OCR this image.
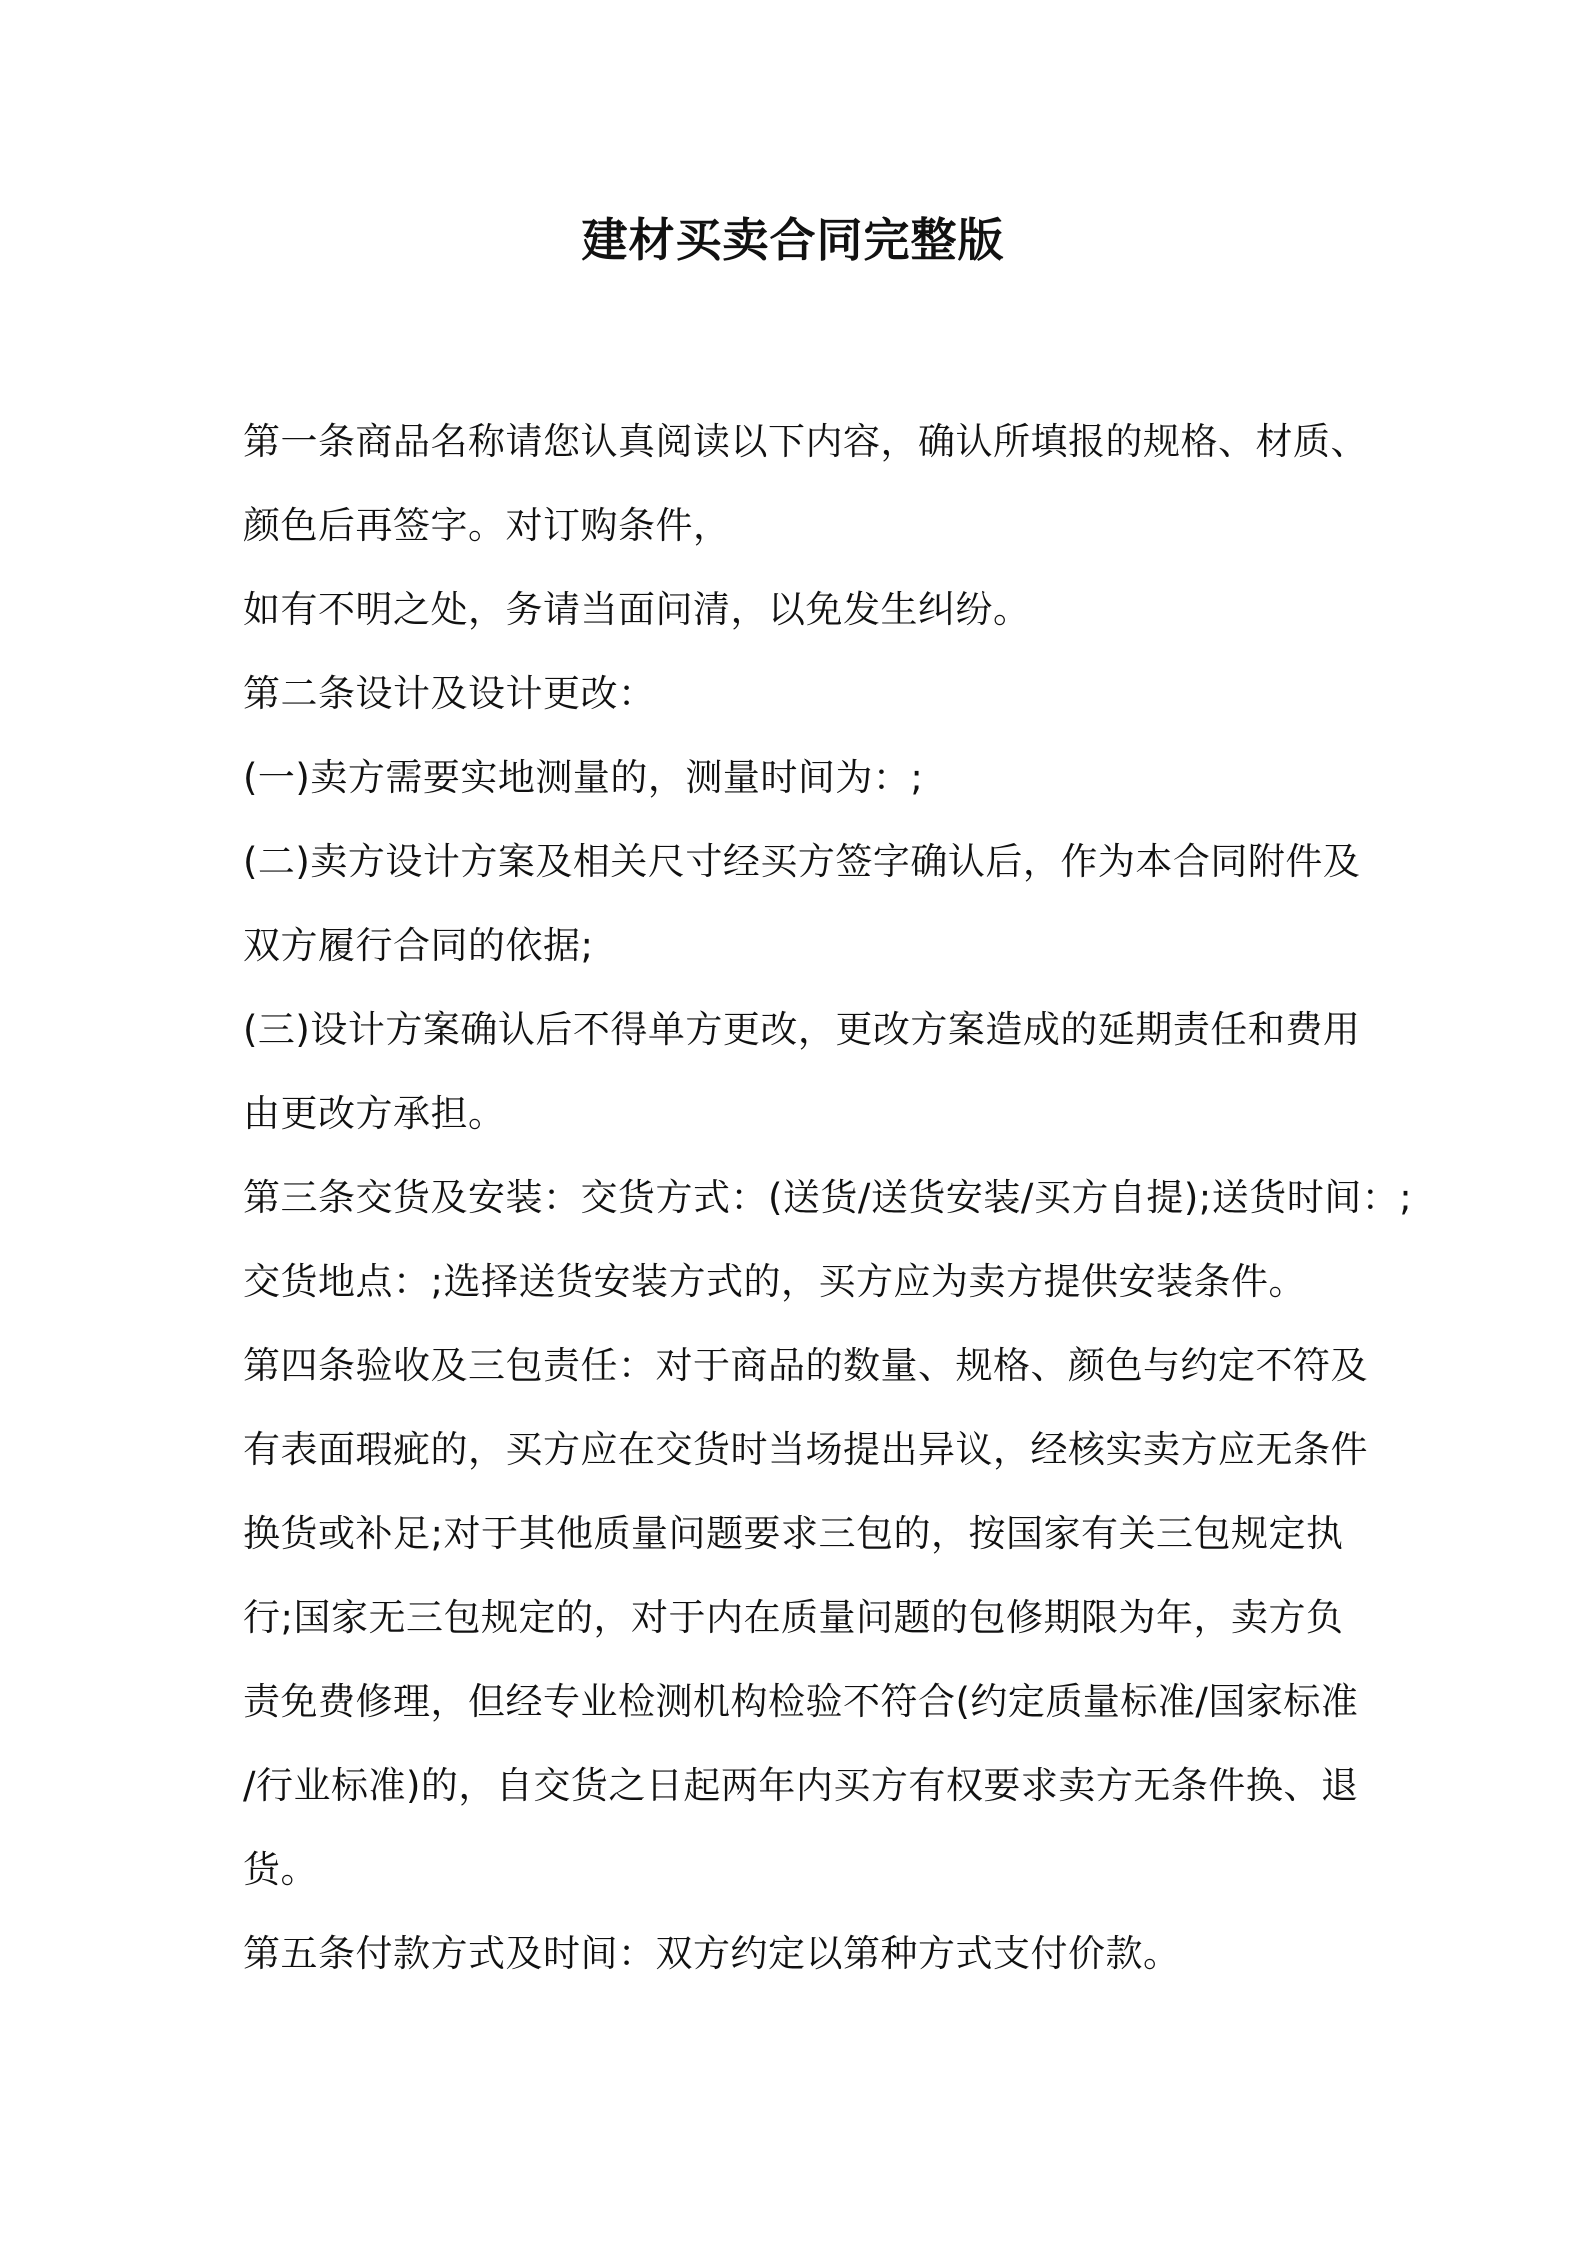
建材买卖合同完整版
第一条商品名称请您认真阅读以下内容，确认所填报的规格、材质、
颜色后再签字。对订购条件，
如有不明之处，务请当面问清，以免发生纠纷。
第二条设计及设计更改：
(一)卖方需要实地测量的，测量时间为：;
(二)卖方设计方案及相关尺寸经买方签字确认后，作为本合同附件及
双方履行合同的依据;
(三)设计方案确认后不得单方更改，更改方案造成的延期责任和费用
由更改方承担。
第三条交货及安装：交货方式：(送货/送货安装/买方自提);送货时间：;
交货地点：;选择送货安装方式的，买方应为卖方提供安装条件。
第四条验收及三包责任：对于商品的数量、规格、颜色与约定不符及
有表面瑕疵的，买方应在交货时当场提出异议，经核实卖方应无条件
换货或补足;对于其他质量问题要求三包的，按国家有关三包规定执
行;国家无三包规定的，对于内在质量问题的包修期限为年，卖方负
责免费修理，但经专业检测机构检验不符合(约定质量标准/国家标准
/行业标准)的，自交货之日起两年内买方有权要求卖方无条件换、退
货。
第五条付款方式及时间：双方约定以第种方式支付价款。
